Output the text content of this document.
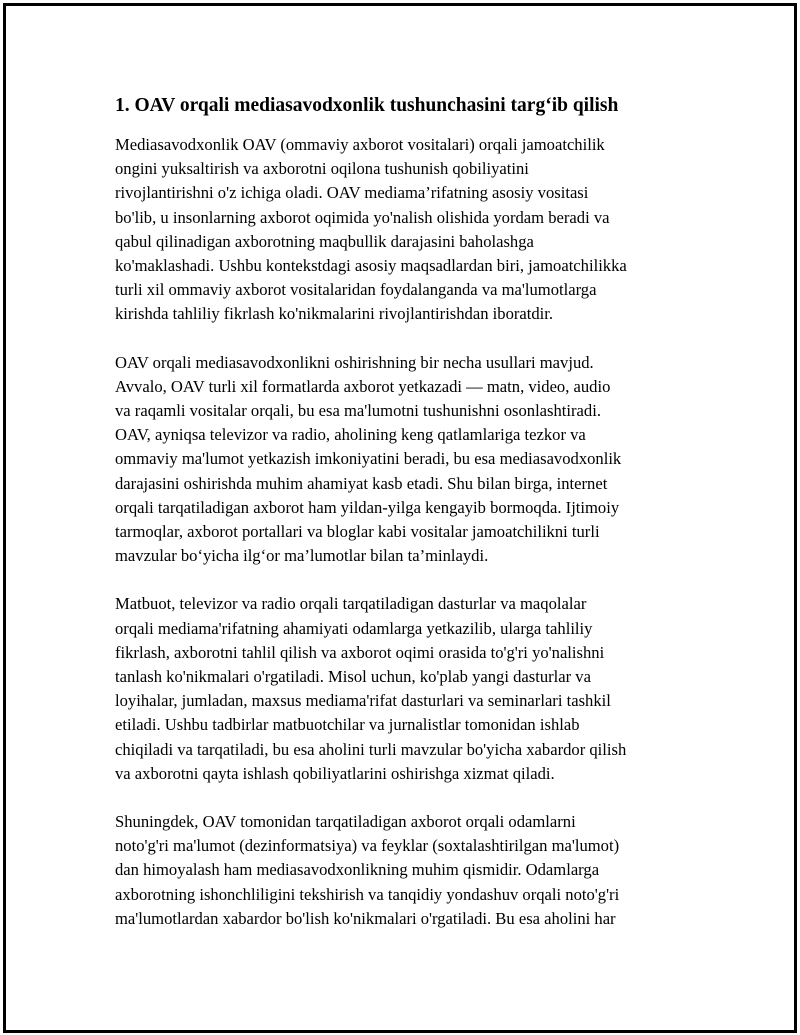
1. OAV orqali mediasavodxonlik tushunchasini targ‘ib qilish

Mediasavodxonlik OAV (ommaviy axborot vositalari) orqali jamoatchilik
ongini yuksaltirish va axborotni oqilona tushunish qobiliyatini
rivojlantirishni o'z ichiga oladi. OAV mediama’rifatning asosiy vositasi
bo'lib, u insonlarning axborot oqimida yo'nalish olishida yordam beradi va
qabul qilinadigan axborotning maqbullik darajasini baholashga
ko'maklashadi. Ushbu kontekstdagi asosiy maqsadlardan biri, jamoatchilikka
turli xil ommaviy axborot vositalaridan foydalanganda va ma'lumotlarga
kirishda tahliliy fikrlash ko'nikmalarini rivojlantirishdan iboratdir.

OAV orqali mediasavodxonlikni oshirishning bir necha usullari mavjud.
Avvalo, OAV turli xil formatlarda axborot yetkazadi — matn, video, audio
va raqamli vositalar orqali, bu esa ma'lumotni tushunishni osonlashtiradi.
OAV, ayniqsa televizor va radio, aholining keng qatlamlariga tezkor va
ommaviy ma'lumot yetkazish imkoniyatini beradi, bu esa mediasavodxonlik
darajasini oshirishda muhim ahamiyat kasb etadi. Shu bilan birga, internet
orqali tarqatiladigan axborot ham yildan-yilga kengayib bormoqda. Ijtimoiy
tarmoqlar, axborot portallari va bloglar kabi vositalar jamoatchilikni turli
mavzular bo‘yicha ilg‘or ma’lumotlar bilan ta’minlaydi.

Matbuot, televizor va radio orqali tarqatiladigan dasturlar va maqolalar
orqali mediama'rifatning ahamiyati odamlarga yetkazilib, ularga tahliliy
fikrlash, axborotni tahlil qilish va axborot oqimi orasida to'g'ri yo'nalishni
tanlash ko'nikmalari o'rgatiladi. Misol uchun, ko'plab yangi dasturlar va
loyihalar, jumladan, maxsus mediama'rifat dasturlari va seminarlari tashkil
etiladi. Ushbu tadbirlar matbuotchilar va jurnalistlar tomonidan ishlab
chiqiladi va tarqatiladi, bu esa aholini turli mavzular bo'yicha xabardor qilish
va axborotni qayta ishlash qobiliyatlarini oshirishga xizmat qiladi.

Shuningdek, OAV tomonidan tarqatiladigan axborot orqali odamlarni
noto'g'ri ma'lumot (dezinformatsiya) va feyklar (soxtalashtirilgan ma'lumot)
dan himoyalash ham mediasavodxonlikning muhim qismidir. Odamlarga
axborotning ishonchliligini tekshirish va tanqidiy yondashuv orqali noto'g'ri
ma'lumotlardan xabardor bo'lish ko'nikmalari o'rgatiladi. Bu esa aholini har
